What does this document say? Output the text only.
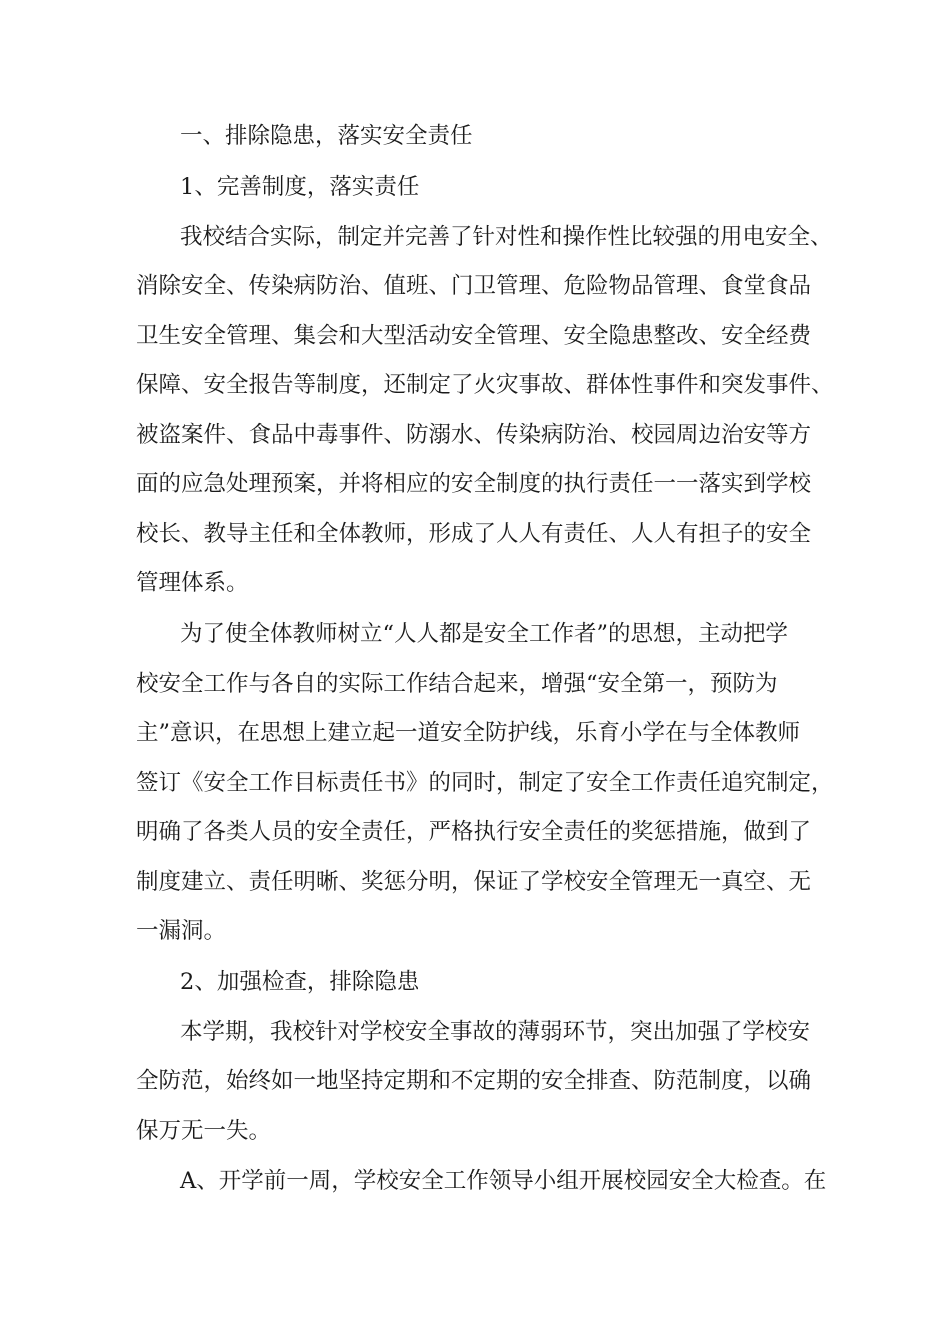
一、排除隐患，落实安全责任

1、完善制度，落实责任

我校结合实际，制定并完善了针对性和操作性比较强的用电安全、

消除安全、传染病防治、值班、门卫管理、危险物品管理、食堂食品

卫生安全管理、集会和大型活动安全管理、安全隐患整改、安全经费

保障、安全报告等制度，还制定了火灾事故、群体性事件和突发事件、

被盗案件、食品中毒事件、防溺水、传染病防治、校园周边治安等方

面的应急处理预案，并将相应的安全制度的执行责任一一落实到学校

校长、教导主任和全体教师，形成了人人有责任、人人有担子的安全

管理体系。

为了使全体教师树立“人人都是安全工作者”的思想，主动把学

校安全工作与各自的实际工作结合起来，增强“安全第一，预防为

主”意识，在思想上建立起一道安全防护线，乐育小学在与全体教师

签订《安全工作目标责任书》的同时，制定了安全工作责任追究制定，

明确了各类人员的安全责任，严格执行安全责任的奖惩措施，做到了

制度建立、责任明晰、奖惩分明，保证了学校安全管理无一真空、无

一漏洞。

2、加强检查，排除隐患

本学期，我校针对学校安全事故的薄弱环节，突出加强了学校安

全防范，始终如一地坚持定期和不定期的安全排查、防范制度，以确

保万无一失。

A、开学前一周，学校安全工作领导小组开展校园安全大检查。在
